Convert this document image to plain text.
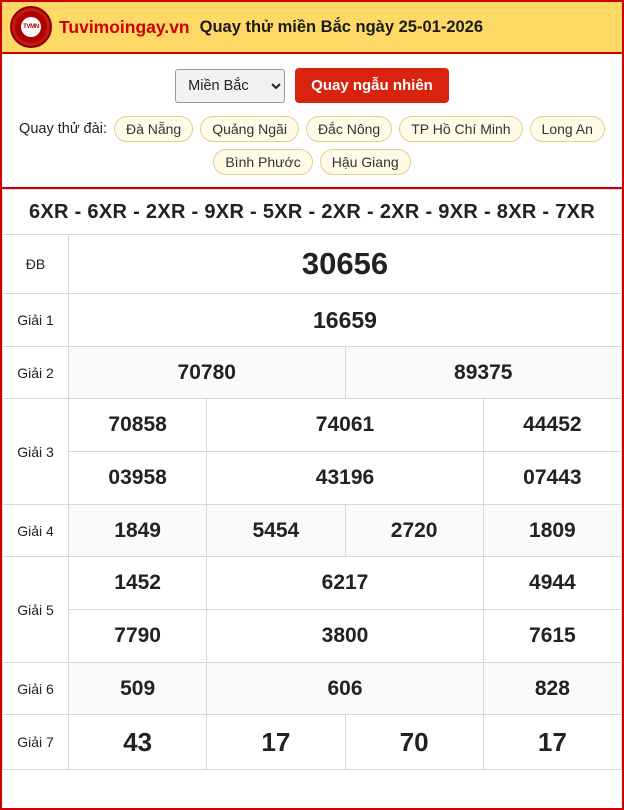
TVMN Tuvimoingay.vn Quay thử miền Bắc ngày 25-01-2026
Miền Bắc
Quay ngẫu nhiên
Quay thử đài:	Đà Nẵng	Quảng Ngãi	Đắc Nông	TP Hồ Chí Minh	Long An
Bình Phước	Hậu Giang
6XR - 6XR - 2XR - 9XR - 5XR - 2XR - 2XR - 9XR - 8XR - 7XR				
ĐB	30656			
Giải 1	16659			
Giải 2	70780		89375	
Giải 3	70858	74061		44452
	03958	43196		07443
Giải 4	1849	5454	2720	1809
Giải 5	1452	6217		4944
	7790	3800		7615
Giải 6	509	606		828
Giải 7	43	17	70	17
